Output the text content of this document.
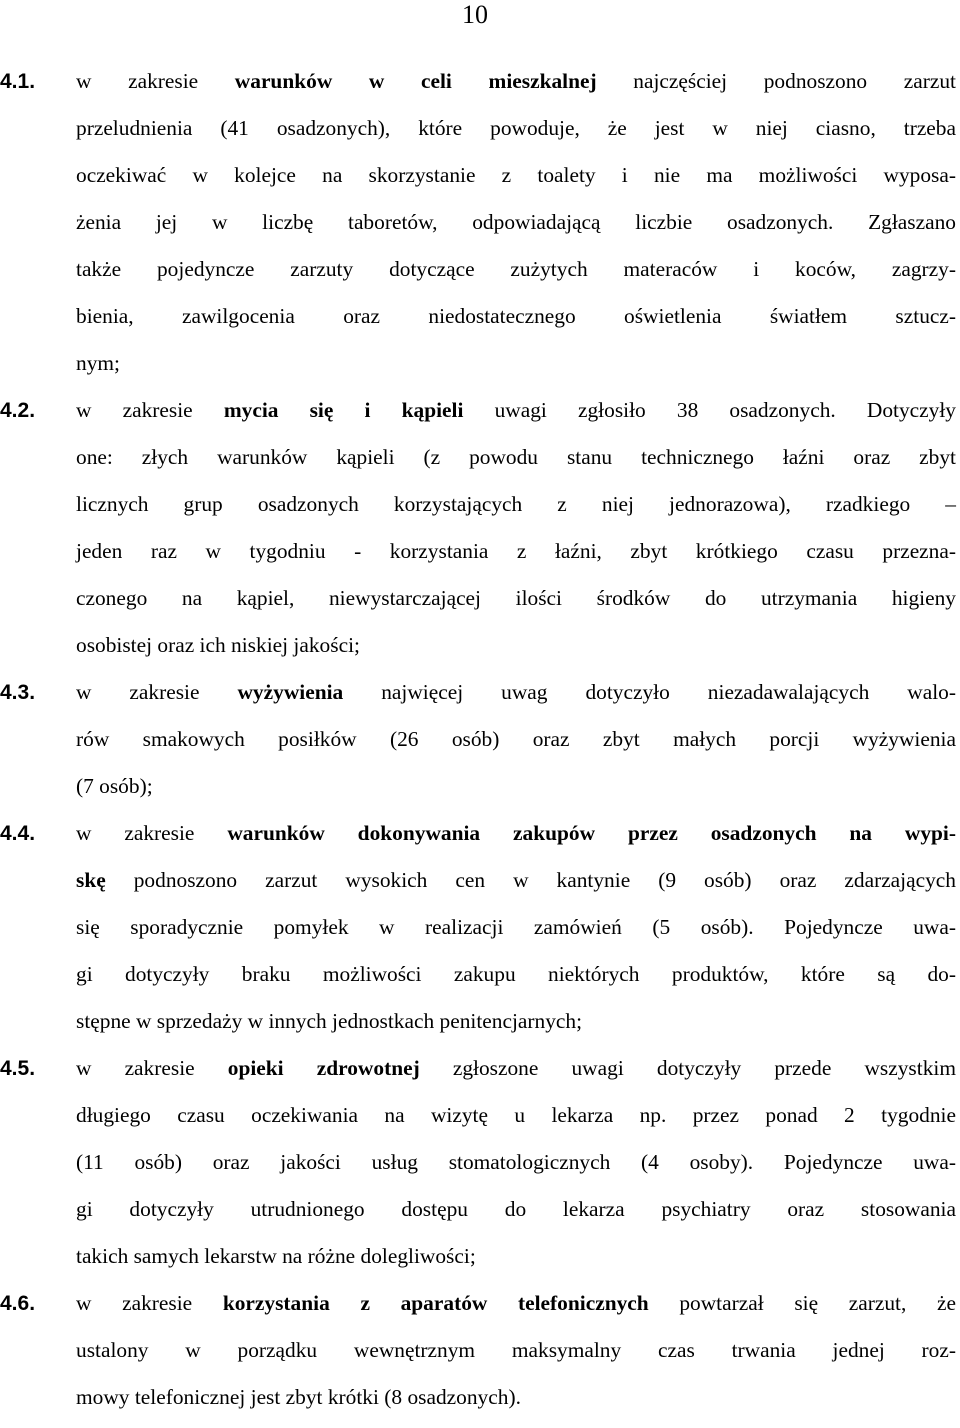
10
4.1. w zakresie warunków w celi mieszkalnej najczęściej podnoszono zarzut
przeludnienia (41 osadzonych), które powoduje, że jest w niej ciasno, trzeba
oczekiwać w kolejce na skorzystanie z toalety i nie ma możliwości wyposa-
żenia jej w liczbę taboretów, odpowiadającą liczbie osadzonych. Zgłaszano
także pojedyncze zarzuty dotyczące zużytych materaców i koców, zagrzy-
bienia, zawilgocenia oraz niedostatecznego oświetlenia światłem sztucz-
nym;
4.2. w zakresie mycia się i kąpieli uwagi zgłosiło 38 osadzonych. Dotyczyły
one: złych warunków kąpieli (z powodu stanu technicznego łaźni oraz zbyt
licznych grup osadzonych korzystających z niej jednorazowa), rzadkiego –
jeden raz w tygodniu - korzystania z łaźni, zbyt krótkiego czasu przezna-
czonego na kąpiel, niewystarczającej ilości środków do utrzymania higieny
osobistej oraz ich niskiej jakości;
4.3. w zakresie wyżywienia najwięcej uwag dotyczyło niezadawalających walo-
rów smakowych posiłków (26 osób) oraz zbyt małych porcji wyżywienia
(7 osób);
4.4. w zakresie warunków dokonywania zakupów przez osadzonych na wypi-
skę podnoszono zarzut wysokich cen w kantynie (9 osób) oraz zdarzających
się sporadycznie pomyłek w realizacji zamówień (5 osób). Pojedyncze uwa-
gi dotyczyły braku możliwości zakupu niektórych produktów, które są do-
stępne w sprzedaży w innych jednostkach penitencjarnych;
4.5. w zakresie opieki zdrowotnej zgłoszone uwagi dotyczyły przede wszystkim
długiego czasu oczekiwania na wizytę u lekarza np. przez ponad 2 tygodnie
(11 osób) oraz jakości usług stomatologicznych (4 osoby). Pojedyncze uwa-
gi dotyczyły utrudnionego dostępu do lekarza psychiatry oraz stosowania
takich samych lekarstw na różne dolegliwości;
4.6. w zakresie korzystania z aparatów telefonicznych powtarzał się zarzut, że
ustalony w porządku wewnętrznym maksymalny czas trwania jednej roz-
mowy telefonicznej jest zbyt krótki (8 osadzonych).
